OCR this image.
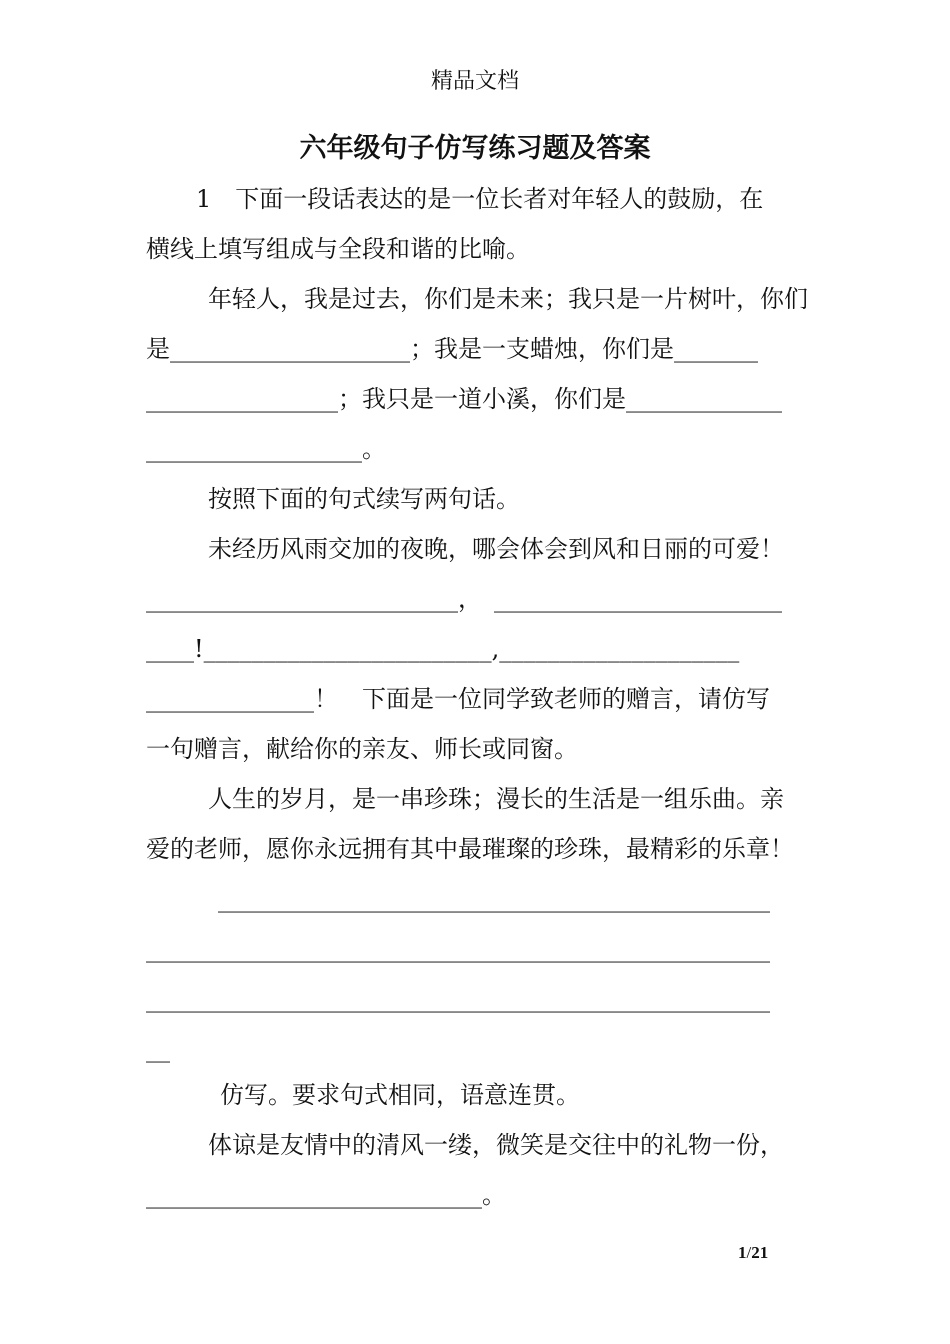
精品文档
六年级句子仿写练习题及答案
1　下面一段话表达的是一位长者对年轻人的鼓励，在
横线上填写组成与全段和谐的比喻。
年轻人，我是过去，你们是未来；我只是一片树叶，你们
是____________________；我是一支蜡烛，你们是_______
________________；我只是一道小溪，你们是_____________
__________________。
按照下面的句式续写两句话。
未经历风雨交加的夜晚，哪会体会到风和日丽的可爱！
__________________________，　________________________
____!________________________,____________________
______________！　下面是一位同学致老师的赠言，请仿写
一句赠言，献给你的亲友、师长或同窗。
人生的岁月，是一串珍珠；漫长的生活是一组乐曲。亲
爱的老师，愿你永远拥有其中最璀璨的珍珠，最精彩的乐章！
______________________________________________
____________________________________________________
____________________________________________________
__
仿写。要求句式相同，语意连贯。
体谅是友情中的清风一缕，微笑是交往中的礼物一份，
____________________________。
1/21
